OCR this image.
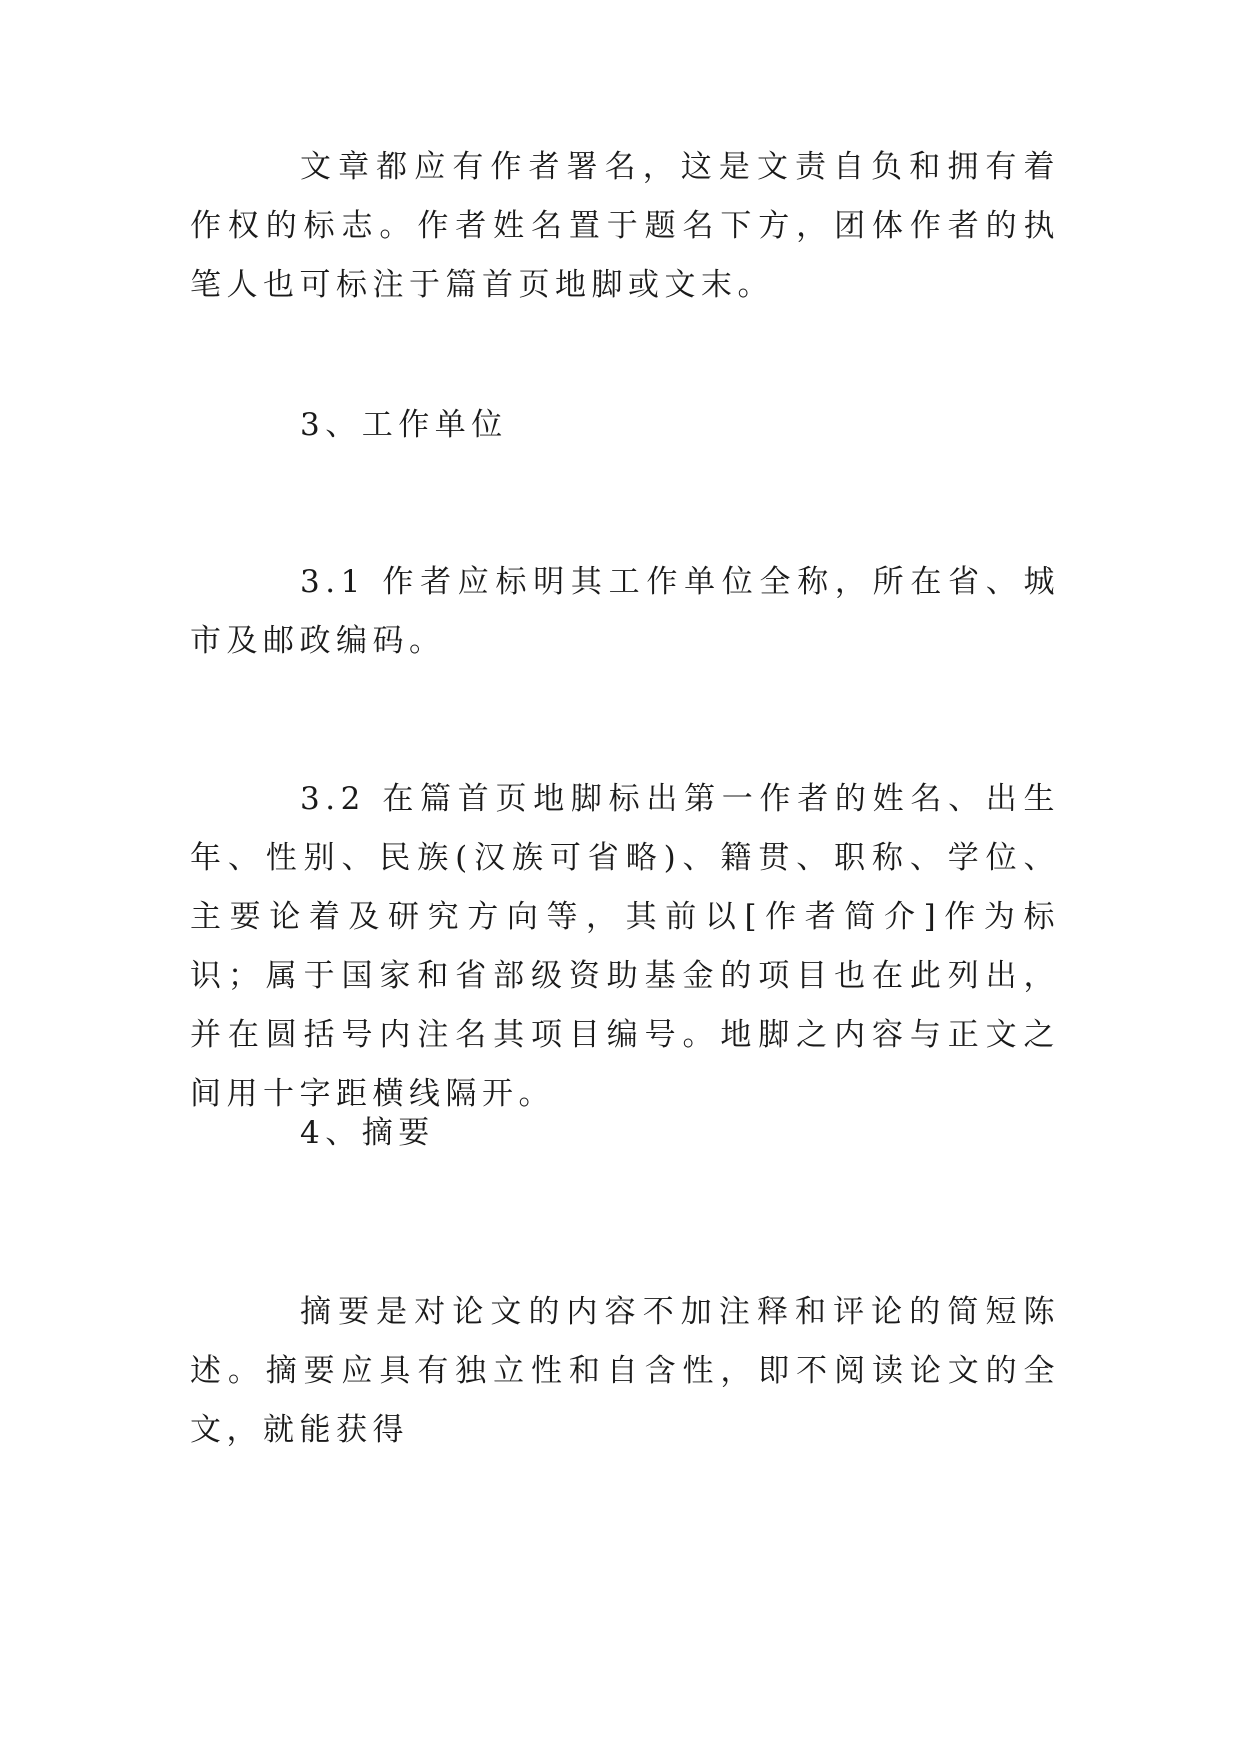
文章都应有作者署名，这是文责自负和拥有着作权的标志。作者姓名置于题名下方，团体作者的执笔人也可标注于篇首页地脚或文末。

3、工作单位

3.1 作者应标明其工作单位全称，所在省、城市及邮政编码。

3.2 在篇首页地脚标出第一作者的姓名、出生年、性别、民族(汉族可省略)、籍贯、职称、学位、主要论着及研究方向等，其前以[作者简介]作为标识；属于国家和省部级资助基金的项目也在此列出，并在圆括号内注名其项目编号。地脚之内容与正文之间用十字距横线隔开。

4、摘要

摘要是对论文的内容不加注释和评论的简短陈述。摘要应具有独立性和自含性，即不阅读论文的全文，就能获得
